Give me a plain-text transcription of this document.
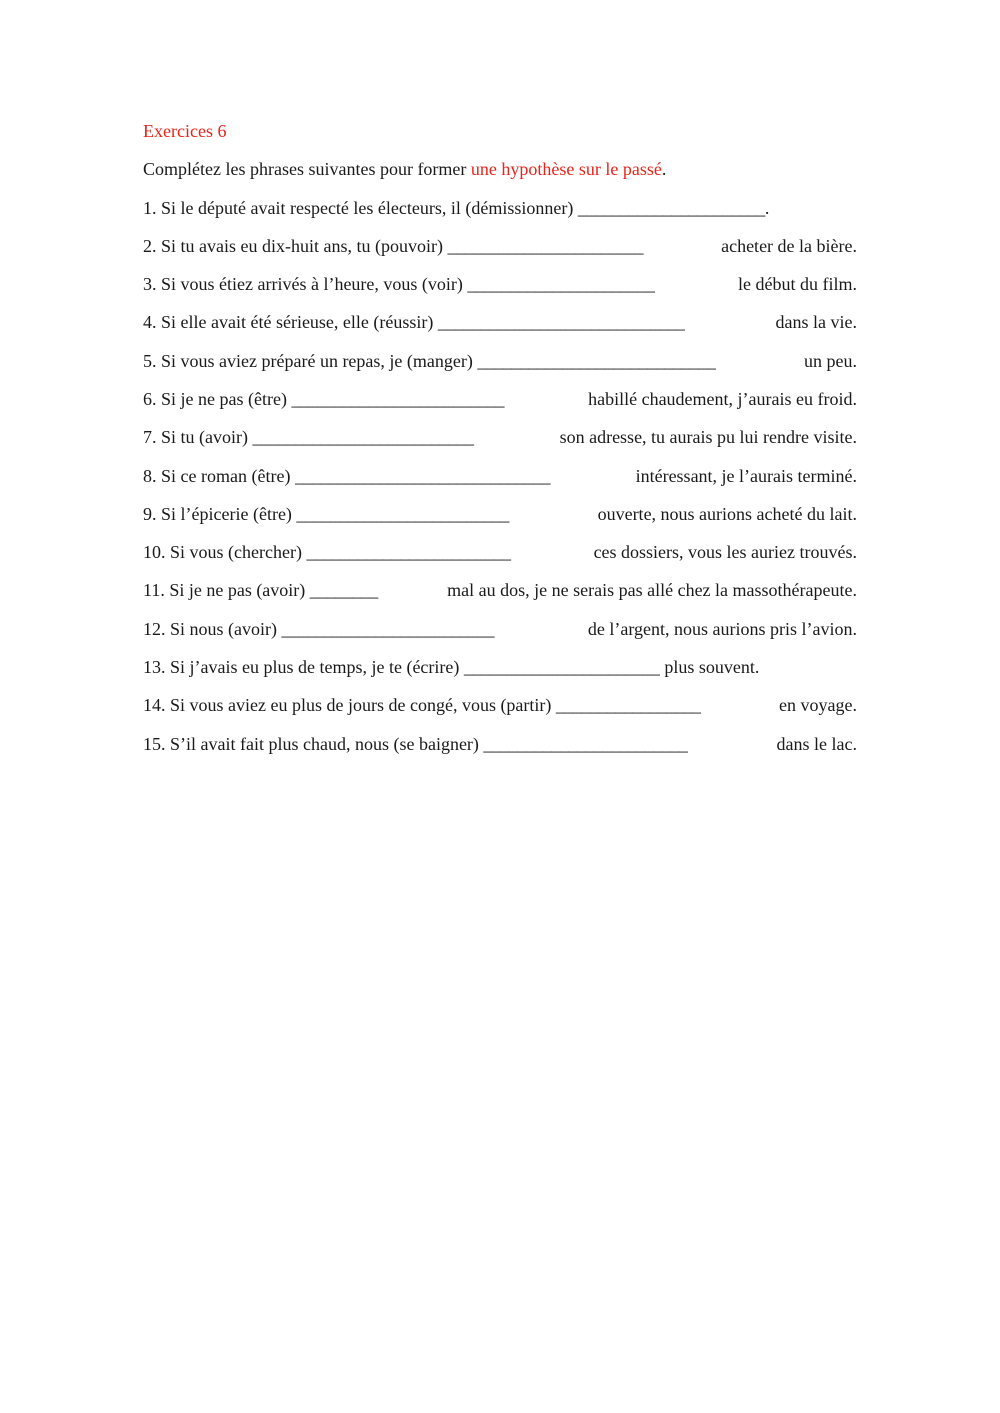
Exercices 6
Complétez les phrases suivantes pour former une hypothèse sur le passé.
1. Si le député avait respecté les électeurs, il (démissionner) ______________________.
2. Si tu avais eu dix-huit ans, tu (pouvoir) _______________________	acheter de la bière.
3. Si vous étiez arrivés à l’heure, vous (voir) ______________________	le début du film.
4. Si elle avait été sérieuse, elle (réussir) _____________________________	dans la vie.
5. Si vous aviez préparé un repas, je (manger) ____________________________	un peu.
6. Si je ne pas (être) _________________________	habillé chaudement, j’aurais eu froid.
7. Si tu (avoir) __________________________	son adresse, tu aurais pu lui rendre visite.
8. Si ce roman (être) ______________________________	intéressant, je l’aurais terminé.
9. Si l’épicerie (être) _________________________	ouverte, nous aurions acheté du lait.
10. Si vous (chercher) ________________________	ces dossiers, vous les auriez trouvés.
11. Si je ne pas (avoir) ________	mal au dos, je ne serais pas allé chez la massothérapeute.
12. Si nous (avoir) _________________________	de l’argent, nous aurions pris l’avion.
13. Si j’avais eu plus de temps, je te (écrire) _______________________ plus souvent.
14. Si vous aviez eu plus de jours de congé, vous (partir) _________________	en voyage.
15. S’il avait fait plus chaud, nous (se baigner) ________________________	dans le lac.
